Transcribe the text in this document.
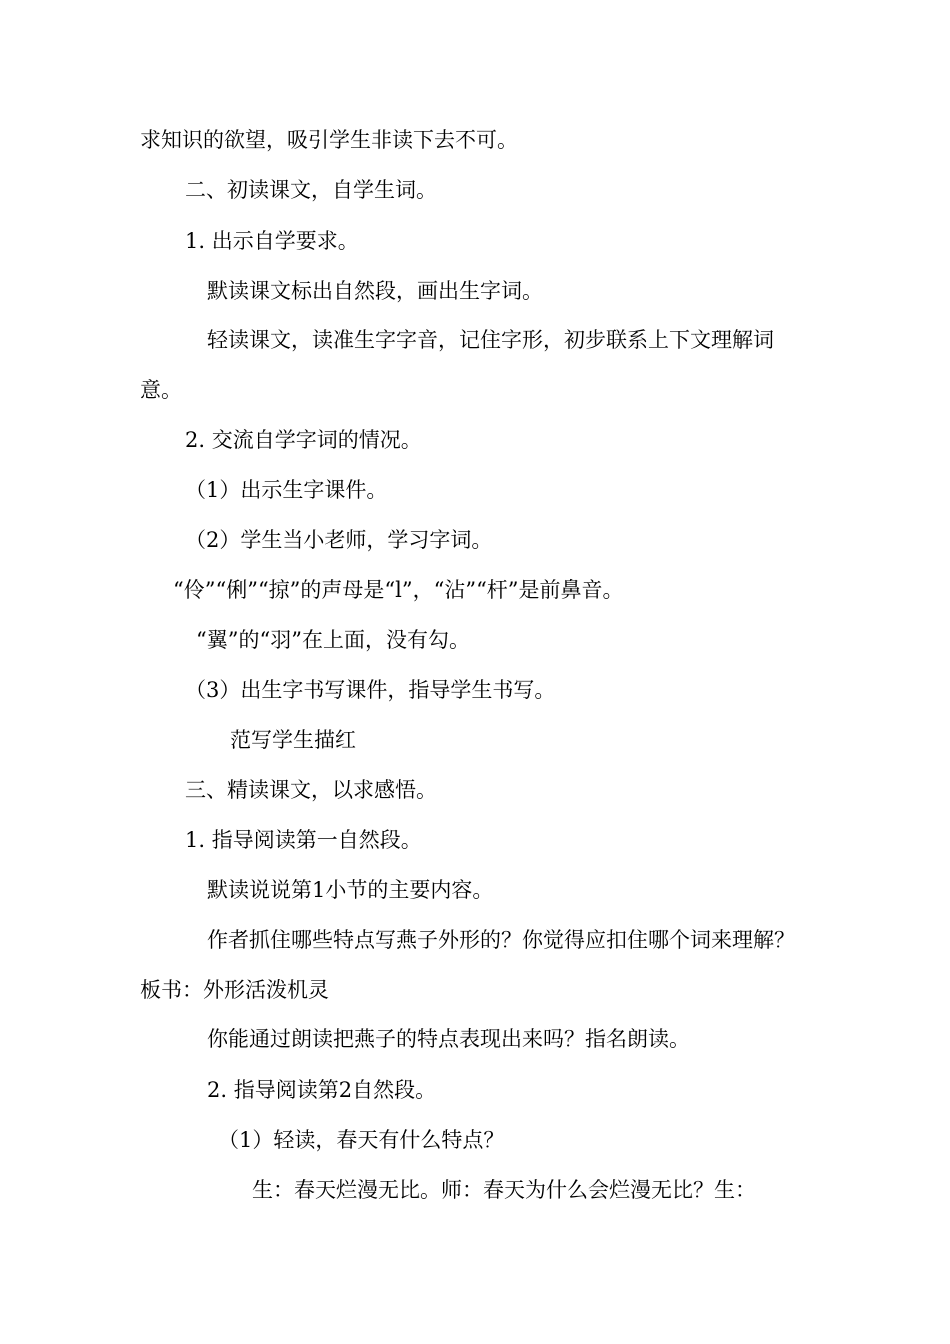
求知识的欲望，吸引学生非读下去不可。
二、初读课文，自学生词。
1. 出示自学要求。
默读课文标出自然段，画出生字词。
轻读课文，读准生字字音，记住字形，初步联系上下文理解词
意。
2. 交流自学字词的情况。
（1）出示生字课件。
（2）学生当小老师，学习字词。
“伶”“俐”“掠”的声母是“l”，“沾”“杆”是前鼻音。
“翼”的“羽”在上面，没有勾。
（3）出生字书写课件，指导学生书写。
范写学生描红
三、精读课文，以求感悟。
1. 指导阅读第一自然段。
默读说说第1小节的主要内容。
作者抓住哪些特点写燕子外形的？你觉得应扣住哪个词来理解？
板书：外形活泼机灵
你能通过朗读把燕子的特点表现出来吗？指名朗读。
2. 指导阅读第2自然段。
（1）轻读，春天有什么特点？
生：春天烂漫无比。师：春天为什么会烂漫无比？生：
